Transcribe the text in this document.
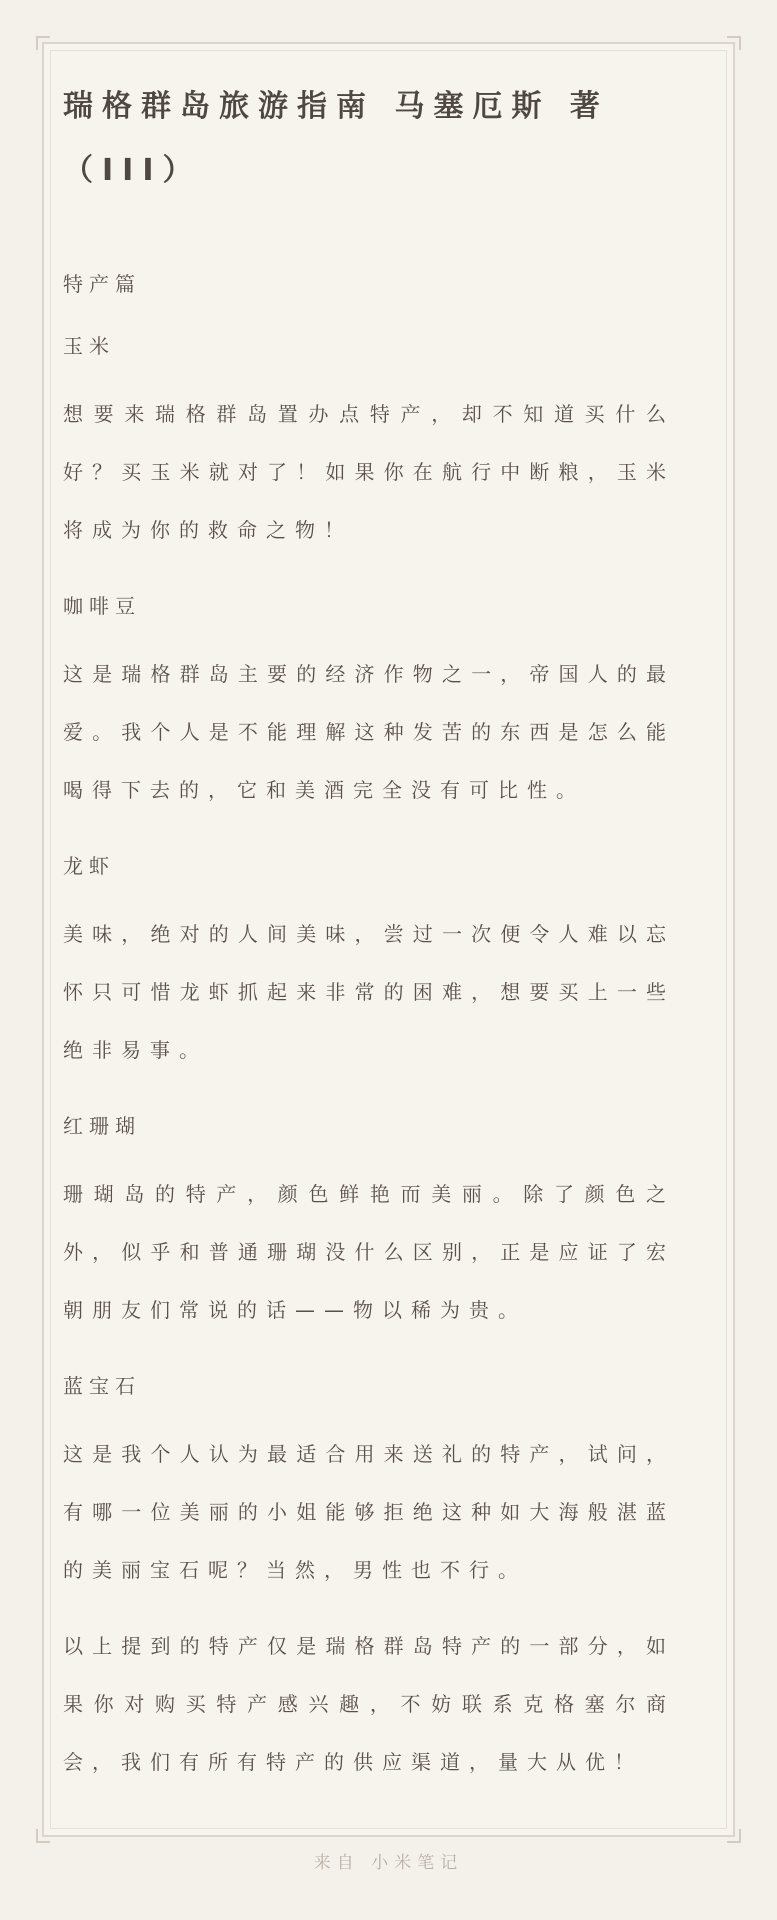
瑞格群岛旅游指南 马塞厄斯 著
（III）

特产篇

玉米

想要来瑞格群岛置办点特产，却不知道买什么好？买玉米就对了！如果你在航行中断粮，玉米将成为你的救命之物！

咖啡豆

这是瑞格群岛主要的经济作物之一，帝国人的最爱。我个人是不能理解这种发苦的东西是怎么能喝得下去的，它和美酒完全没有可比性。

龙虾

美味，绝对的人间美味，尝过一次便令人难以忘怀只可惜龙虾抓起来非常的困难，想要买上一些绝非易事。

红珊瑚

珊瑚岛的特产，颜色鲜艳而美丽。除了颜色之外，似乎和普通珊瑚没什么区别，正是应证了宏朝朋友们常说的话——物以稀为贵。

蓝宝石

这是我个人认为最适合用来送礼的特产，试问，有哪一位美丽的小姐能够拒绝这种如大海般湛蓝的美丽宝石呢？当然，男性也不行。

以上提到的特产仅是瑞格群岛特产的一部分，如果你对购买特产感兴趣，不妨联系克格塞尔商会，我们有所有特产的供应渠道，量大从优！

来自 小米笔记
